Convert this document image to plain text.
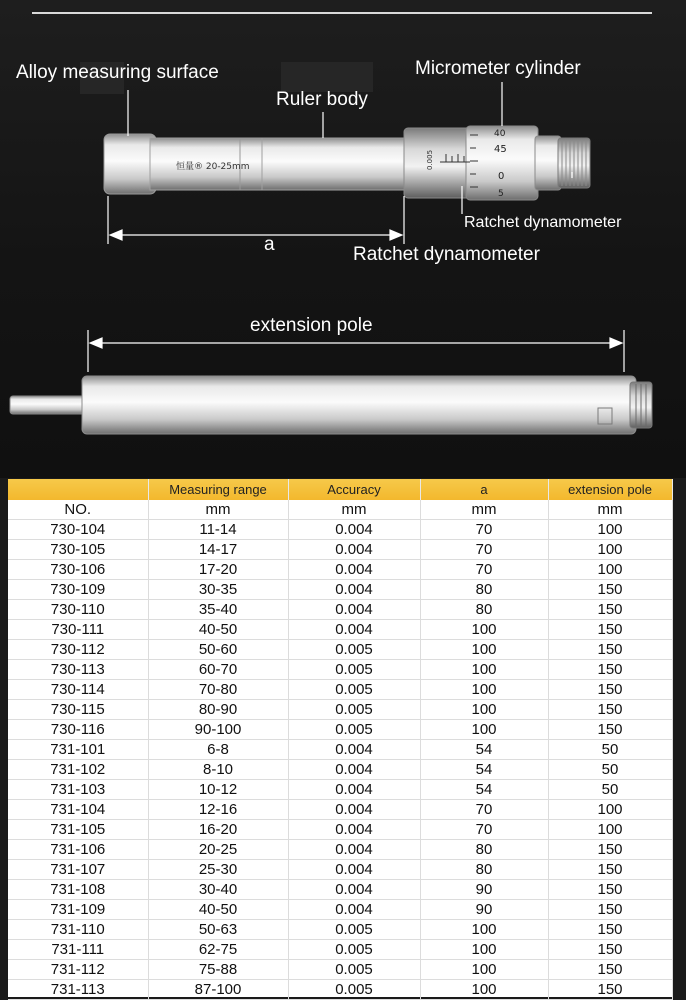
恒量® 20-25mm
40
45
0
5
0.005
Alloy measuring surface
Ruler body
Micrometer cylinder
Ratchet dynamometer
Ratchet dynamometer
a
extension pole
	Measuring range	Accuracy	a	extension pole
NO.	mm	mm	mm	mm
730-104	11-14	0.004	70	100
730-105	14-17	0.004	70	100
730-106	17-20	0.004	70	100
730-109	30-35	0.004	80	150
730-110	35-40	0.004	80	150
730-111	40-50	0.004	100	150
730-112	50-60	0.005	100	150
730-113	60-70	0.005	100	150
730-114	70-80	0.005	100	150
730-115	80-90	0.005	100	150
730-116	90-100	0.005	100	150
731-101	6-8	0.004	54	50
731-102	8-10	0.004	54	50
731-103	10-12	0.004	54	50
731-104	12-16	0.004	70	100
731-105	16-20	0.004	70	100
731-106	20-25	0.004	80	150
731-107	25-30	0.004	80	150
731-108	30-40	0.004	90	150
731-109	40-50	0.004	90	150
731-110	50-63	0.005	100	150
731-111	62-75	0.005	100	150
731-112	75-88	0.005	100	150
731-113	87-100	0.005	100	150
